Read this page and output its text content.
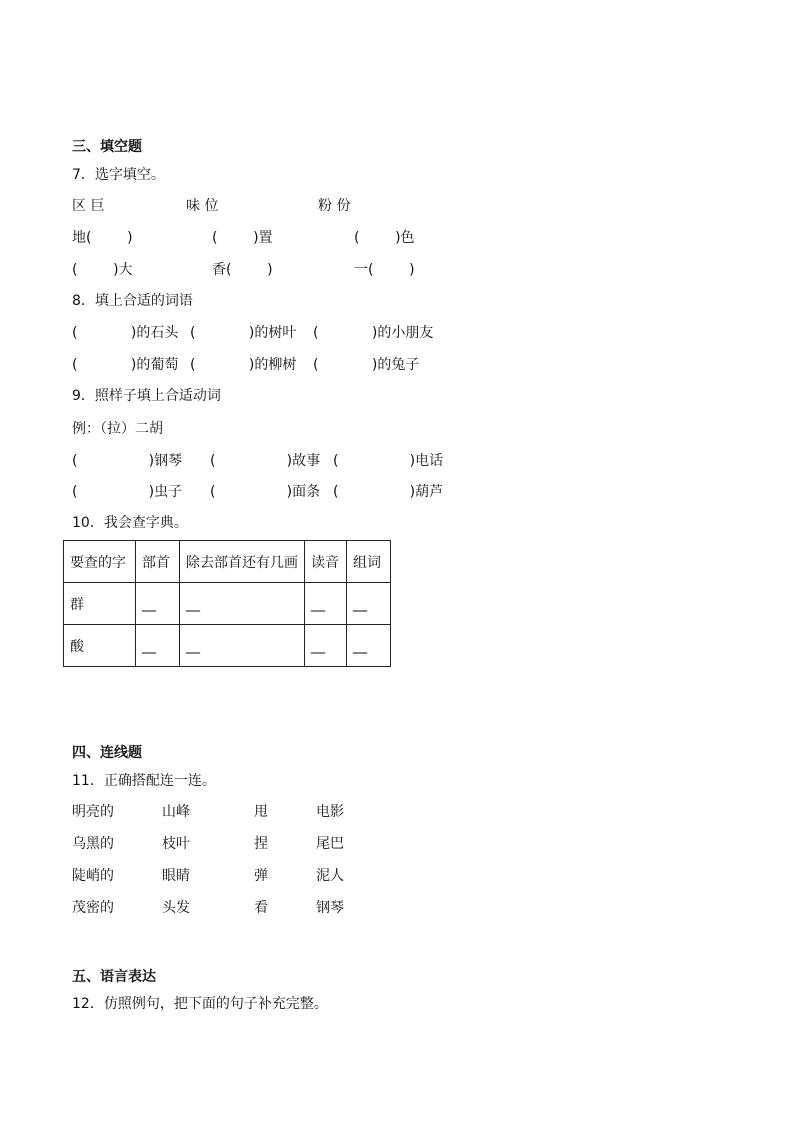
三、填空题
7．选字填空。
区 巨	味 位	粉 份
地(        )	(        )置	(        )色
(        )大	香(        )	一(        )
8．填上合适的词语
(            )的石头 (            )的树叶 (            )的小朋友
(            )的葡萄 (            )的柳树 (            )的兔子
9．照样子填上合适动词
例：（拉）二胡
(                )钢琴 (                )故事 (                )电话
(                )虫子 (                )面条 (                )葫芦
10．我会查字典。
要查的字	部首	除去部首还有几画	读音	组词
群	__	__	__	__
酸	__	__	__	__
四、连线题
11．正确搭配连一连。
明亮的	山峰	甩	电影
乌黑的	枝叶	捏	尾巴
陡峭的	眼睛	弹	泥人
茂密的	头发	看	钢琴
五、语言表达
12．仿照例句，把下面的句子补充完整。
